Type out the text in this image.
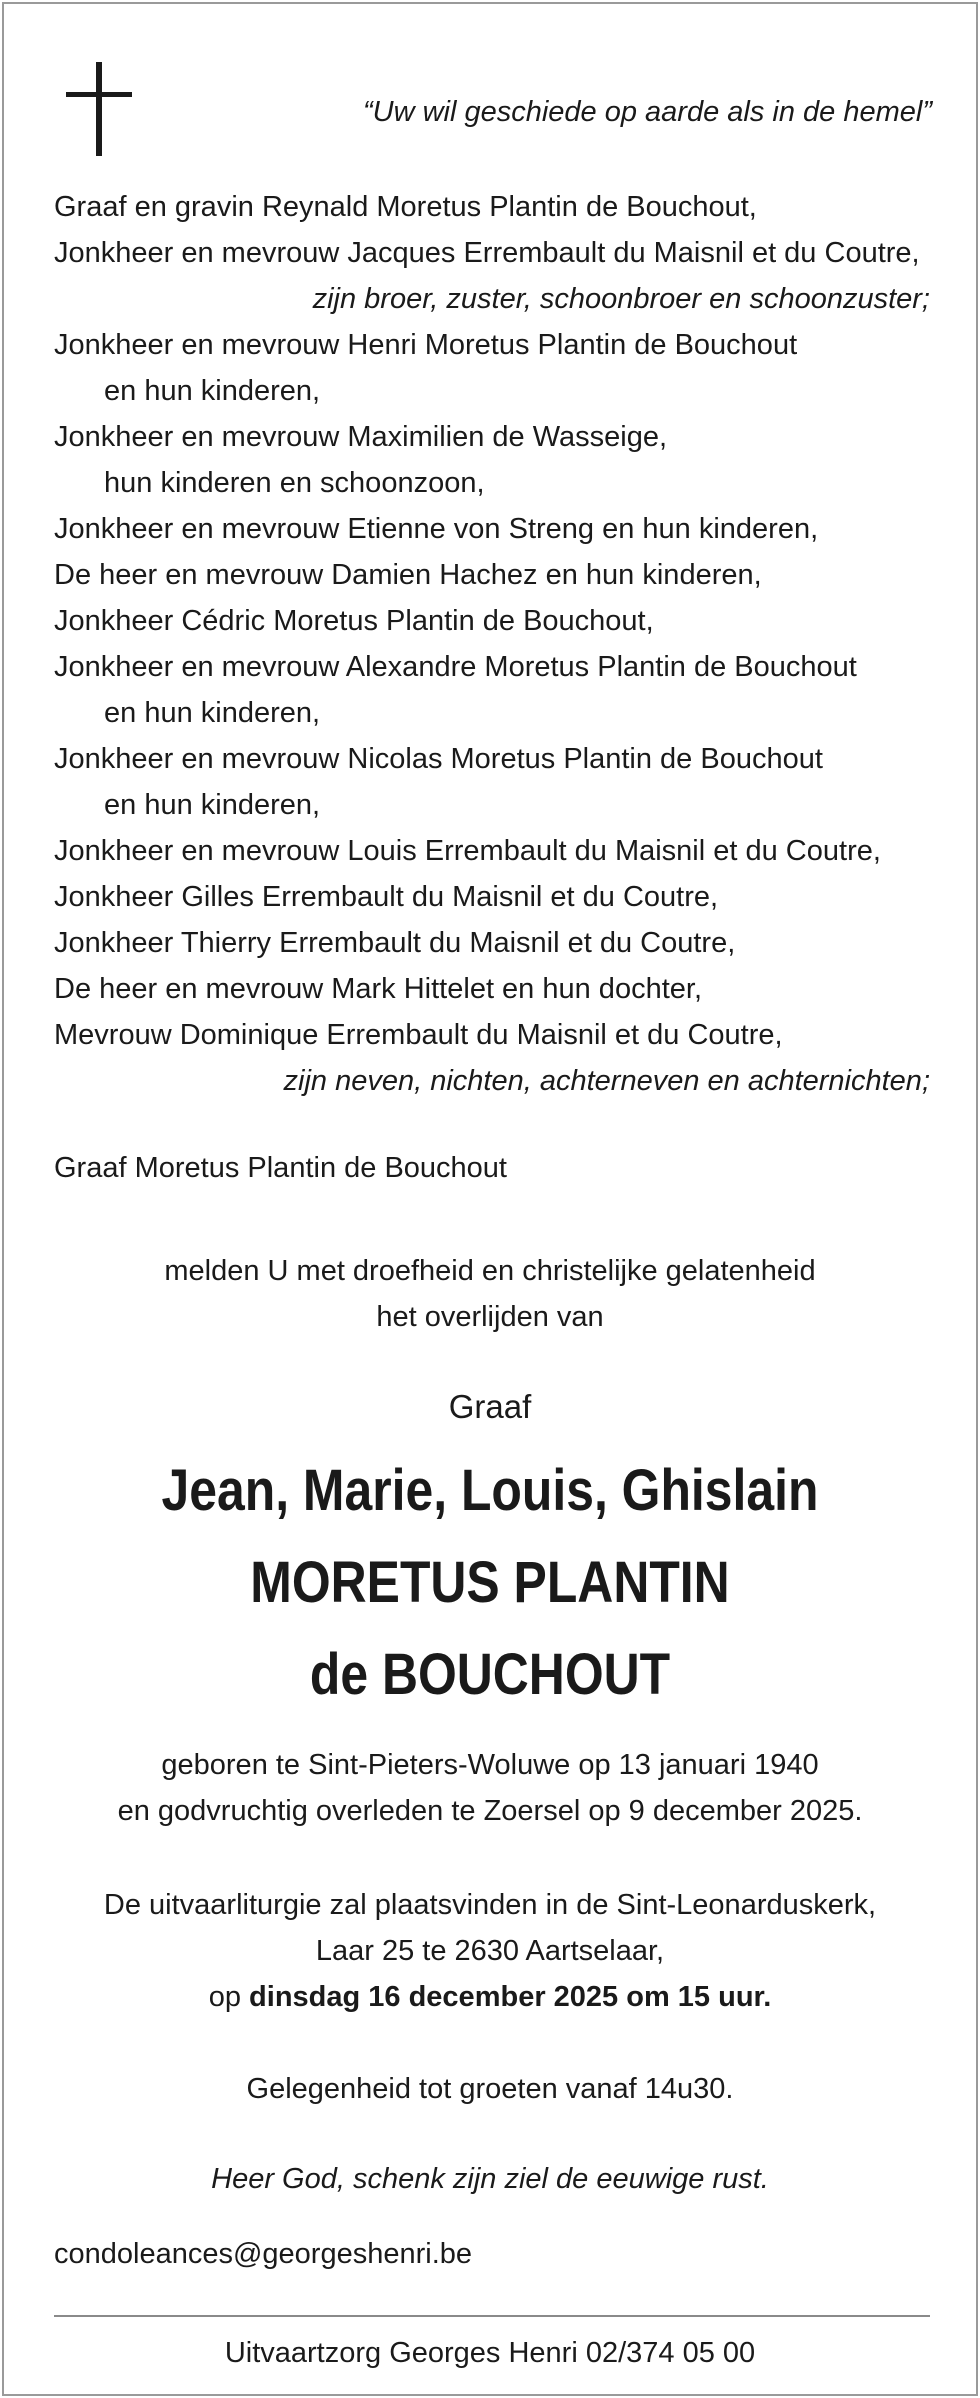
“Uw wil geschiede op aarde als in de hemel”
Graaf en gravin Reynald Moretus Plantin de Bouchout,
Jonkheer en mevrouw Jacques Errembault du Maisnil et du Coutre,
zijn broer, zuster, schoonbroer en schoonzuster;
Jonkheer en mevrouw Henri Moretus Plantin de Bouchout
en hun kinderen,
Jonkheer en mevrouw Maximilien de Wasseige,
hun kinderen en schoonzoon,
Jonkheer en mevrouw Etienne von Streng en hun kinderen,
De heer en mevrouw Damien Hachez en hun kinderen,
Jonkheer Cédric Moretus Plantin de Bouchout,
Jonkheer en mevrouw Alexandre Moretus Plantin de Bouchout
en hun kinderen,
Jonkheer en mevrouw Nicolas Moretus Plantin de Bouchout
en hun kinderen,
Jonkheer en mevrouw Louis Errembault du Maisnil et du Coutre,
Jonkheer Gilles Errembault du Maisnil et du Coutre,
Jonkheer Thierry Errembault du Maisnil et du Coutre,
De heer en mevrouw Mark Hittelet en hun dochter,
Mevrouw Dominique Errembault du Maisnil et du Coutre,
zijn neven, nichten, achterneven en achternichten;
Graaf Moretus Plantin de Bouchout
melden U met droefheid en christelijke gelatenheid
het overlijden van
Graaf
Jean, Marie, Louis, Ghislain
MORETUS PLANTIN
de BOUCHOUT
geboren te Sint-Pieters-Woluwe op 13 januari 1940
en godvruchtig overleden te Zoersel op 9 december 2025.
De uitvaarliturgie zal plaatsvinden in de Sint-Leonarduskerk,
Laar 25 te 2630 Aartselaar,
op dinsdag 16 december 2025 om 15 uur.
Gelegenheid tot groeten vanaf 14u30.
Heer God, schenk zijn ziel de eeuwige rust.
condoleances@georgeshenri.be
Uitvaartzorg Georges Henri 02/374 05 00
